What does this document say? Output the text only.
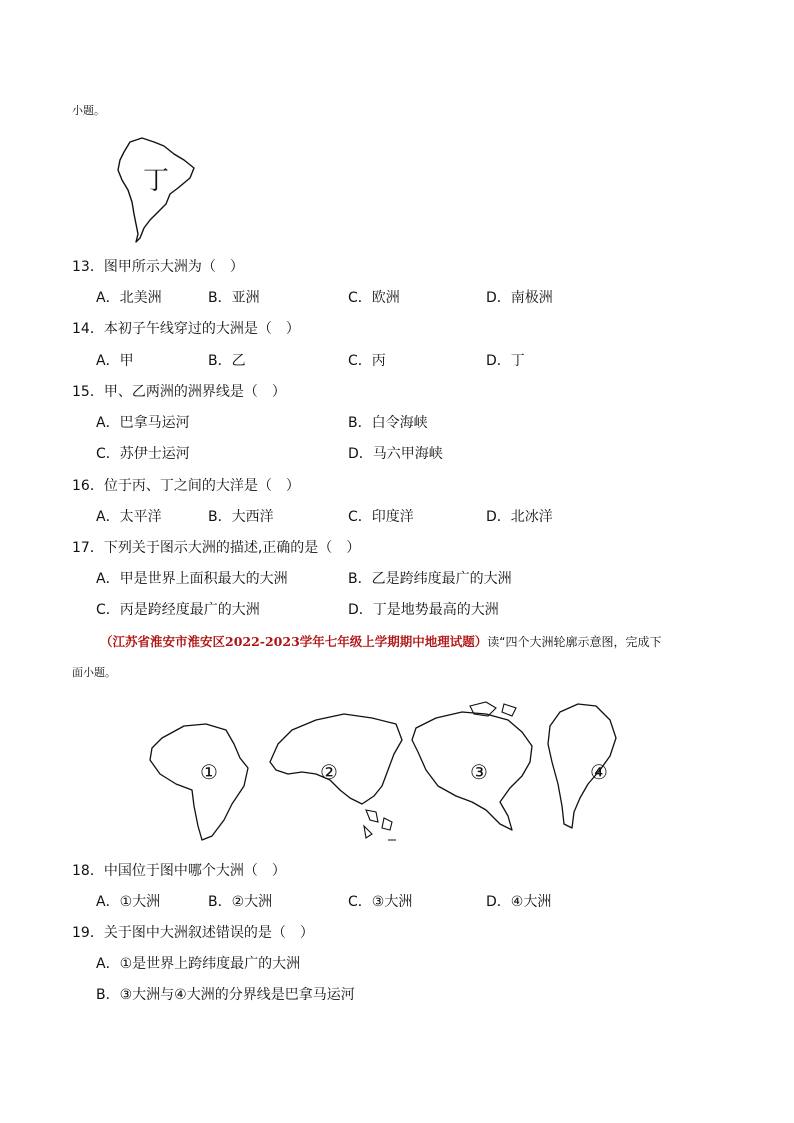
小题。
丁
13．图甲所示大洲为（　）
A．北美洲	B．亚洲	C．欧洲	D．南极洲
14．本初子午线穿过的大洲是（　）
A．甲	B．乙	C．丙	D．丁
15．甲、乙两洲的洲界线是（　）
A．巴拿马运河	B．白令海峡
C．苏伊士运河	D．马六甲海峡
16．位于丙、丁之间的大洋是（　）
A．太平洋	B．大西洋	C．印度洋	D．北冰洋
17．下列关于图示大洲的描述,正确的是（　）
A．甲是世界上面积最大的大洲	B．乙是跨纬度最广的大洲
C．丙是跨经度最广的大洲	D．丁是地势最高的大洲
（江苏省淮安市淮安区2022-2023学年七年级上学期期中地理试题）读“四个大洲轮廓示意图，完成下
面小题。
①	②	③	④
18．中国位于图中哪个大洲（　）
A．①大洲	B．②大洲	C．③大洲	D．④大洲
19．关于图中大洲叙述错误的是（　）
A．①是世界上跨纬度最广的大洲
B．③大洲与④大洲的分界线是巴拿马运河
